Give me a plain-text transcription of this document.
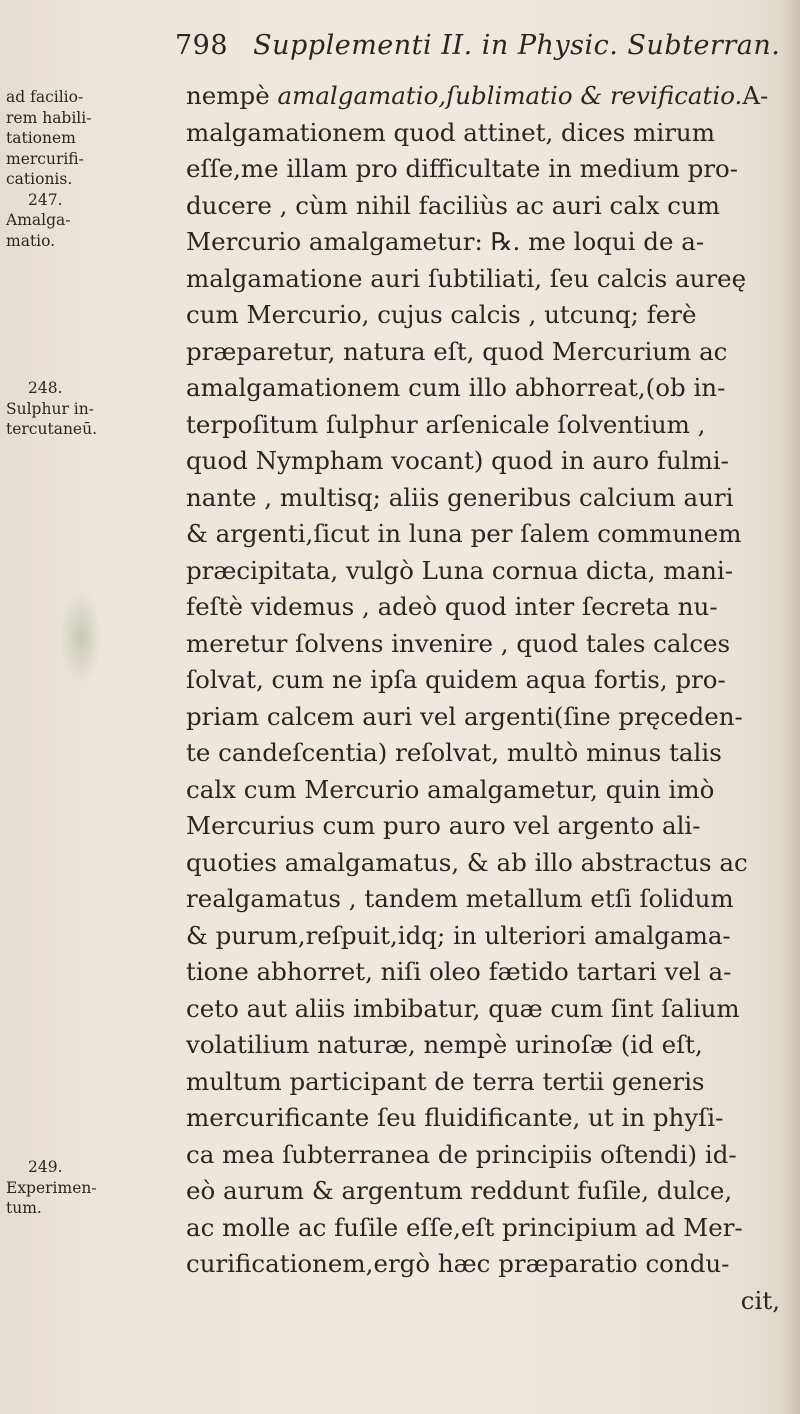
798 Supplementi II. in Physic. Subterran.
ad facilio-
rem habili-
tationem
mercurifi-
cationis.
247.
Amalga-
matio.
248.
Sulphur in-
tercutaneū.
249.
Experimen-
tum.
nempè amalgamatio,ſublimatio & revificatio.A-
malgamationem quod attinet, dices mirum
eſſe,me illam pro difficultate in medium pro-
ducere , cùm nihil faciliùs ac auri calx cum
Mercurio amalgametur: ℞. me loqui de a-
malgamatione auri ſubtiliati, ſeu calcis aureę
cum Mercurio, cujus calcis , utcunq; ferè
præparetur, natura eſt, quod Mercurium ac
amalgamationem cum illo abhorreat,(ob in-
terpoſitum ſulphur arſenicale ſolventium ,
quod Nympham vocant) quod in auro fulmi-
nante , multisq; aliis generibus calcium auri
& argenti,ſicut in luna per ſalem communem
præcipitata, vulgò Luna cornua dicta, mani-
feſtè videmus , adeò quod inter ſecreta nu-
meretur ſolvens invenire , quod tales calces
ſolvat, cum ne ipſa quidem aqua fortis, pro-
priam calcem auri vel argenti(ſine pręceden-
te candeſcentia) reſolvat, multò minus talis
calx cum Mercurio amalgametur, quin imò
Mercurius cum puro auro vel argento ali-
quoties amalgamatus, & ab illo abstractus ac
realgamatus , tandem metallum etſi ſolidum
& purum,reſpuit,idq; in ulteriori amalgama-
tione abhorret, niſi oleo fætido tartari vel a-
ceto aut aliis imbibatur, quæ cum ſint ſalium
volatilium naturæ, nempè urinoſæ (id eſt,
multum participant de terra tertii generis
mercurificante ſeu fluidificante, ut in phyſi-
ca mea ſubterranea de principiis oſtendi) id-
eò aurum & argentum reddunt fuſile, dulce,
ac molle ac fuſile eſſe,eſt principium ad Mer-
curificationem,ergò hæc præparatio condu-
cit,
